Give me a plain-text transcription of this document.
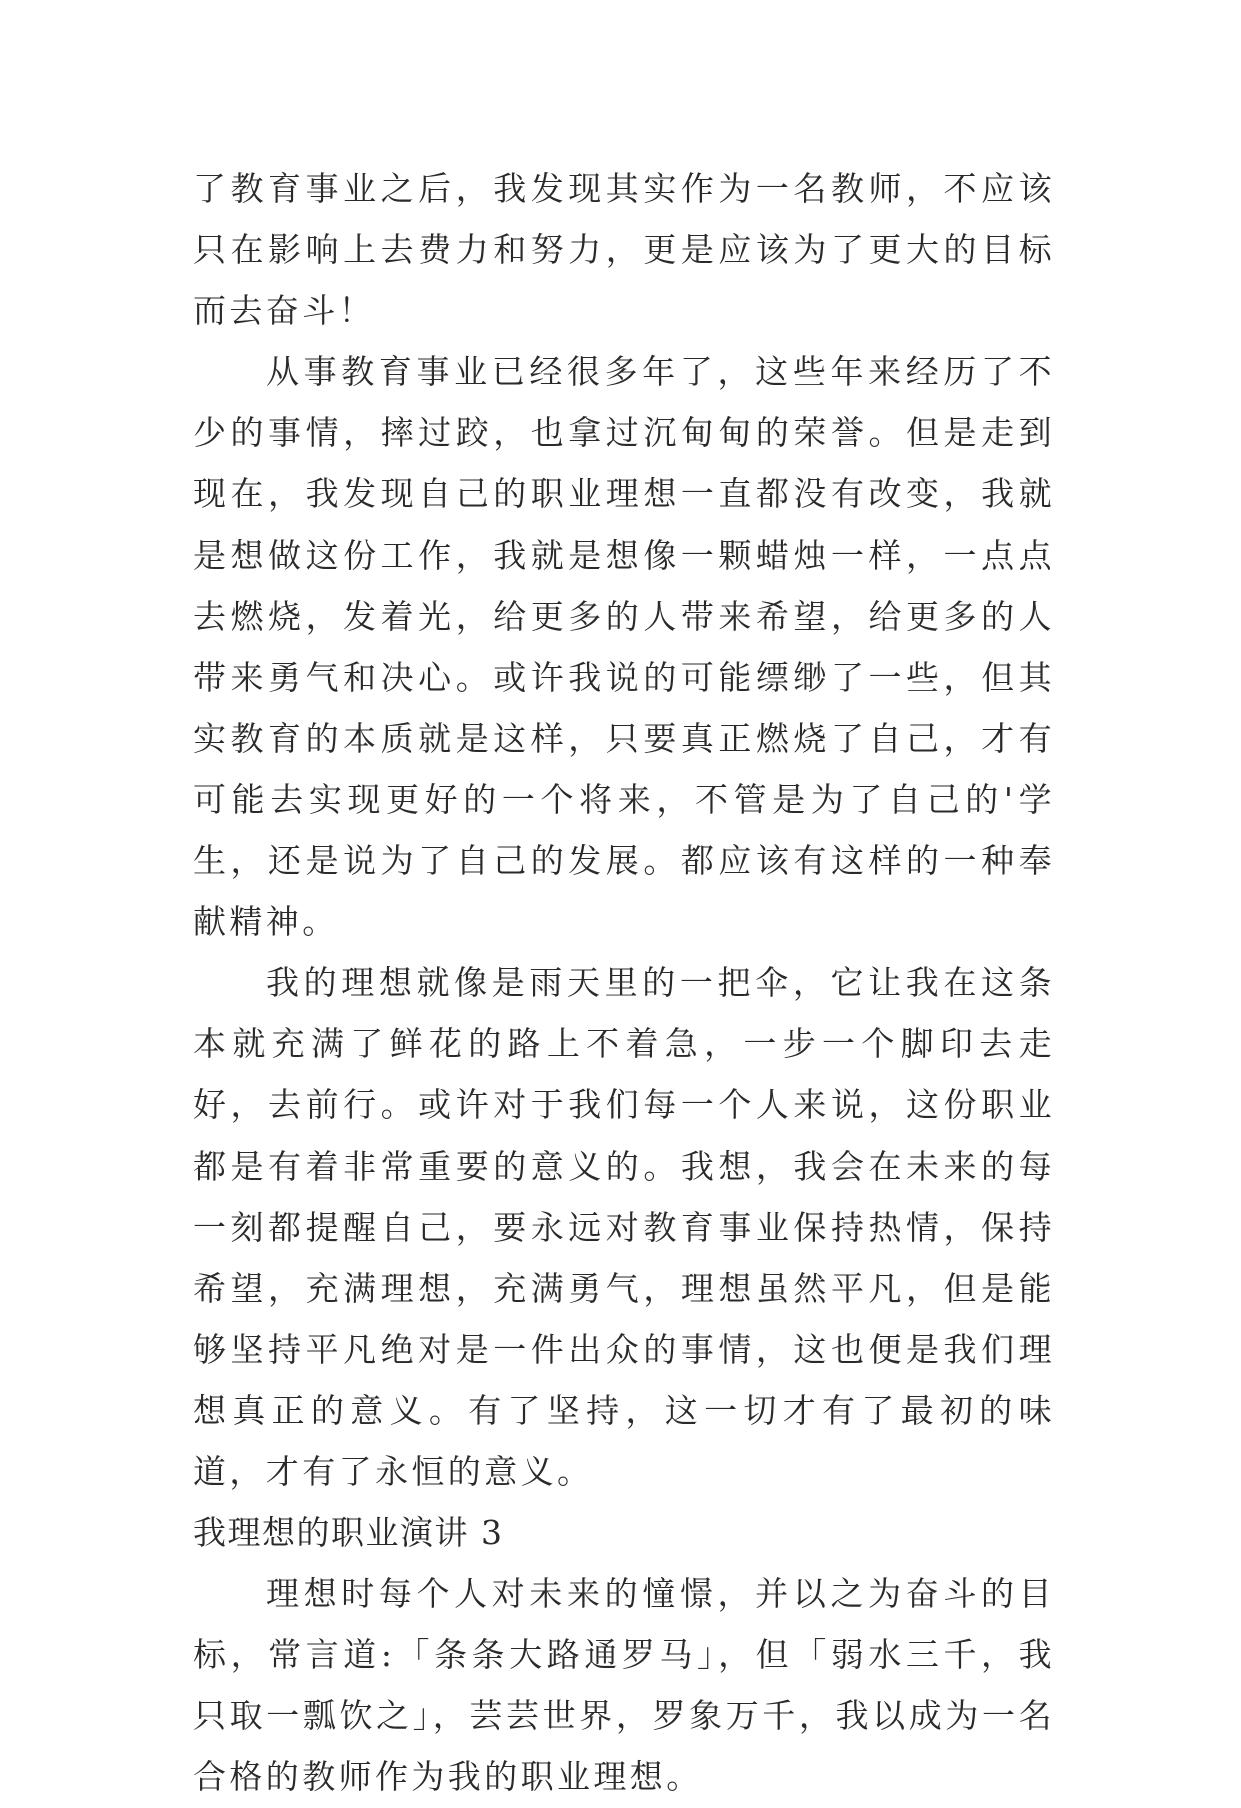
了教育事业之后，我发现其实作为一名教师，不应该只在影响上去费力和努力，更是应该为了更大的目标而去奋斗！

从事教育事业已经很多年了，这些年来经历了不少的事情，摔过跤，也拿过沉甸甸的荣誉。但是走到现在，我发现自己的职业理想一直都没有改变，我就是想做这份工作，我就是想像一颗蜡烛一样，一点点去燃烧，发着光，给更多的人带来希望，给更多的人带来勇气和决心。或许我说的可能缥缈了一些，但其实教育的本质就是这样，只要真正燃烧了自己，才有可能去实现更好的一个将来，不管是为了自己的'学生，还是说为了自己的发展。都应该有这样的一种奉献精神。

我的理想就像是雨天里的一把伞，它让我在这条本就充满了鲜花的路上不着急，一步一个脚印去走好，去前行。或许对于我们每一个人来说，这份职业都是有着非常重要的意义的。我想，我会在未来的每一刻都提醒自己，要永远对教育事业保持热情，保持希望，充满理想，充满勇气，理想虽然平凡，但是能够坚持平凡绝对是一件出众的事情，这也便是我们理想真正的意义。有了坚持，这一切才有了最初的味道，才有了永恒的意义。

我理想的职业演讲 3

理想时每个人对未来的憧憬，并以之为奋斗的目标，常言道:「条条大路通罗马」，但「弱水三千，我只取一瓢饮之」，芸芸世界，罗象万千，我以成为一名合格的教师作为我的职业理想。
